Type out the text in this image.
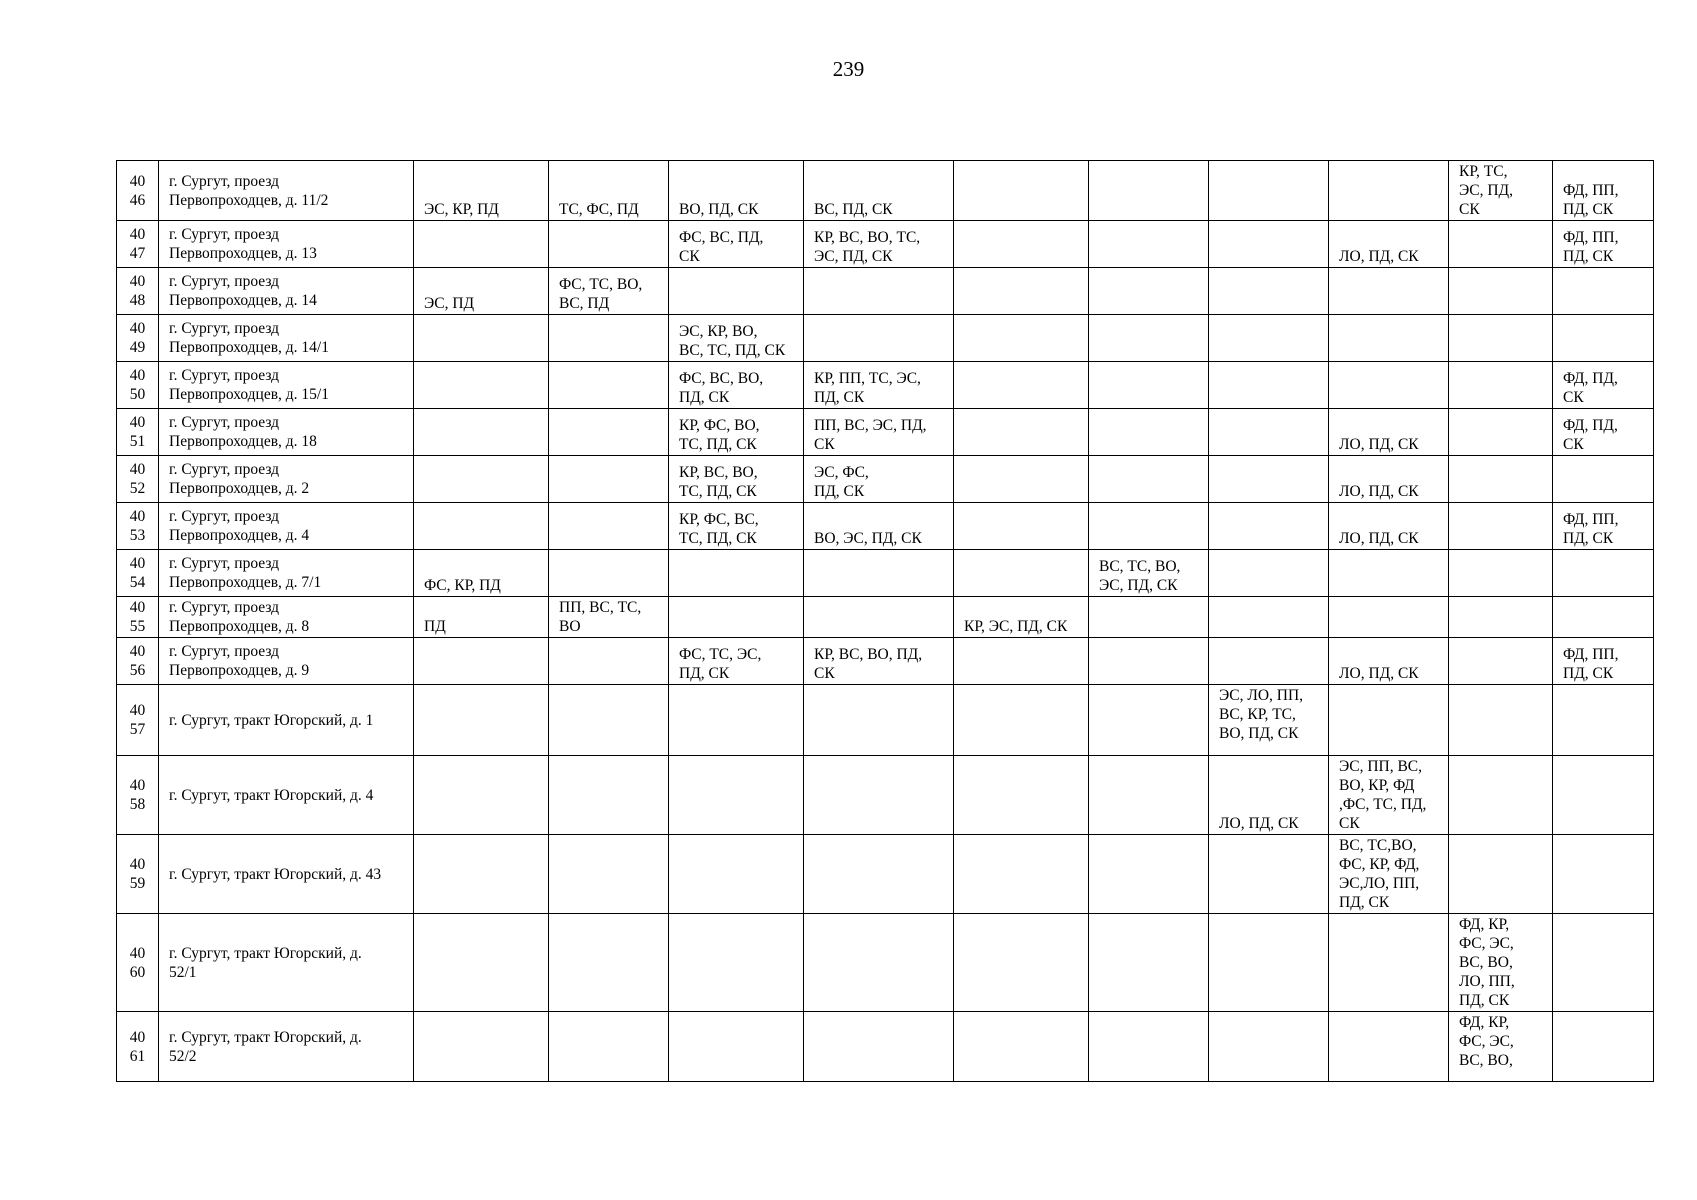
239
40
46	г. Сургут, проезд
Первопроходцев, д. 11/2	ЭС, КР, ПД	ТС, ФС, ПД	ВО, ПД, СК	ВС, ПД, СК					КР, ТС,
ЭС, ПД,
СК	ФД, ПП,
ПД, СК

40
47	г. Сургут, проезд
Первопроходцев, д. 13			ФС, ВС, ПД,
СК	КР, ВС, ВО, ТС,
ЭС, ПД, СК				ЛО, ПД, СК		ФД, ПП,
ПД, СК

40
48	г. Сургут, проезд
Первопроходцев, д. 14	ЭС, ПД	ФС, ТС, ВО,
ВС, ПД								

40
49	г. Сургут, проезд
Первопроходцев, д. 14/1			ЭС, КР, ВО,
ВС, ТС, ПД, СК							

40
50	г. Сургут, проезд
Первопроходцев, д. 15/1			ФС, ВС, ВО,
ПД, СК	КР, ПП, ТС, ЭС,
ПД, СК						ФД, ПД,
СК

40
51	г. Сургут, проезд
Первопроходцев, д. 18			КР, ФС, ВО,
ТС, ПД, СК	ПП, ВС, ЭС, ПД,
СК				ЛО, ПД, СК		ФД, ПД,
СК

40
52	г. Сургут, проезд
Первопроходцев, д. 2			КР, ВС, ВО,
ТС, ПД, СК	ЭС, ФС,
ПД, СК				ЛО, ПД, СК		

40
53	г. Сургут, проезд
Первопроходцев, д. 4			КР, ФС, ВС,
ТС, ПД, СК	ВО, ЭС, ПД, СК				ЛО, ПД, СК		ФД, ПП,
ПД, СК

40
54	г. Сургут, проезд
Первопроходцев, д. 7/1	ФС, КР, ПД					ВС, ТС, ВО,
ЭС, ПД, СК				

40
55	г. Сургут, проезд
Первопроходцев, д. 8	ПД	ПП, ВС, ТС,
ВО			КР, ЭС, ПД, СК					

40
56	г. Сургут, проезд
Первопроходцев, д. 9			ФС, ТС, ЭС,
ПД, СК	КР, ВС, ВО, ПД,
СК				ЛО, ПД, СК		ФД, ПП,
ПД, СК

40
57	г. Сургут, тракт Югорский, д. 1							ЭС, ЛО, ПП,
ВС, КР, ТС,
ВО, ПД, СК			

40
58	г. Сургут, тракт Югорский, д. 4							ЛО, ПД, СК	ЭС, ПП, ВС,
ВО, КР, ФД
,ФС, ТС, ПД,
СК		

40
59	г. Сургут, тракт Югорский, д. 43								ВС, ТС,ВО,
ФС, КР, ФД,
ЭС,ЛО, ПП,
ПД, СК		

40
60	г. Сургут, тракт Югорский, д.
52/1									ФД, КР,
ФС, ЭС,
ВС, ВО,
ЛО, ПП,
ПД, СК	

40
61	г. Сургут, тракт Югорский, д.
52/2									ФД, КР,
ФС, ЭС,
ВС, ВО,	
